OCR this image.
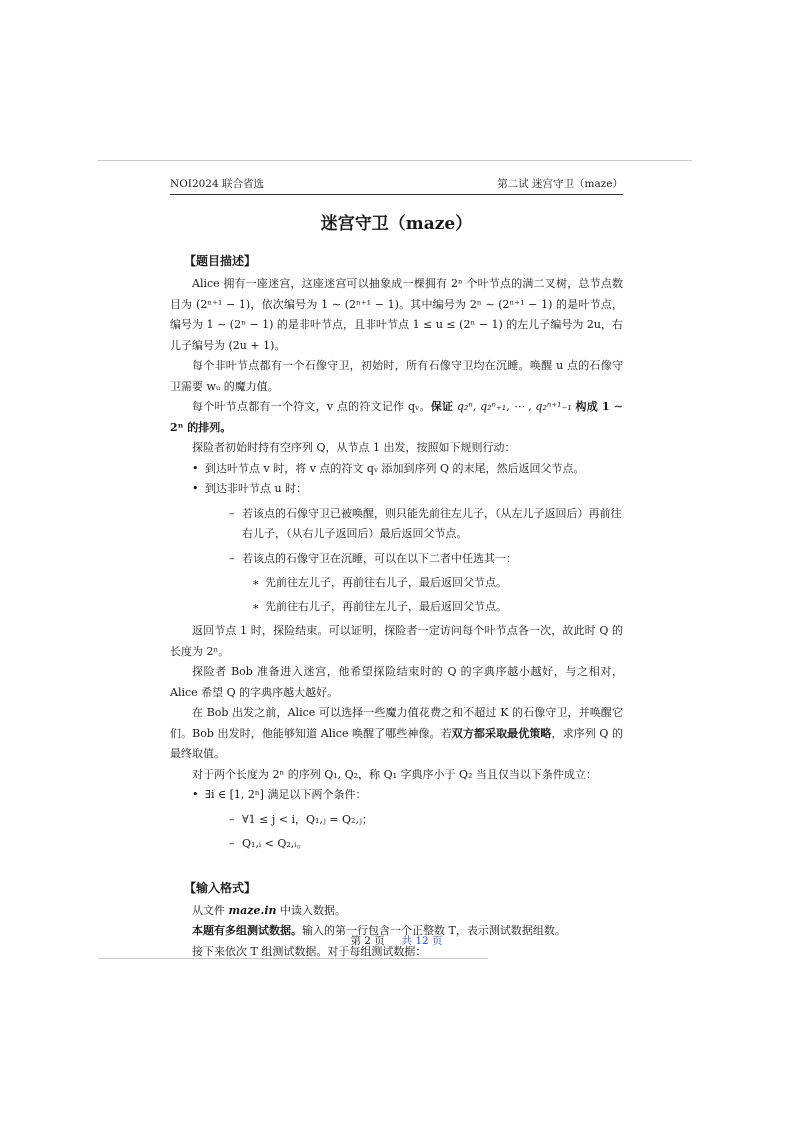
NOI2024 联合省选	第二试 迷宫守卫（maze）
迷宫守卫（maze）
【题目描述】

Alice 拥有一座迷宫，这座迷宫可以抽象成一棵拥有 2ⁿ 个叶节点的满二叉树，总节点数目为 (2ⁿ⁺¹ − 1)，依次编号为 1 ∼ (2ⁿ⁺¹ − 1)。其中编号为 2ⁿ ∼ (2ⁿ⁺¹ − 1) 的是叶节点，编号为 1 ∼ (2ⁿ − 1) 的是非叶节点，且非叶节点 1 ≤ u ≤ (2ⁿ − 1) 的左儿子编号为 2u，右儿子编号为 (2u + 1)。

每个非叶节点都有一个石像守卫，初始时，所有石像守卫均在沉睡。唤醒 u 点的石像守卫需要 wᵤ 的魔力值。

每个叶节点都有一个符文，v 点的符文记作 qᵥ。保证 q₂ⁿ, q₂ⁿ₊₁, ⋯ , q₂ⁿ⁺¹₋₁ 构成 1 ∼ 2ⁿ 的排列。

探险者初始时持有空序列 Q，从节点 1 出发，按照如下规则行动：

• 到达叶节点 v 时，将 v 点的符文 qᵥ 添加到序列 Q 的末尾，然后返回父节点。
• 到达非叶节点 u 时：
– 若该点的石像守卫已被唤醒，则只能先前往左儿子，（从左儿子返回后）再前往右儿子，（从右儿子返回后）最后返回父节点。
– 若该点的石像守卫在沉睡，可以在以下二者中任选其一：
∗ 先前往左儿子，再前往右儿子，最后返回父节点。
∗ 先前往右儿子，再前往左儿子，最后返回父节点。

返回节点 1 时，探险结束。可以证明，探险者一定访问每个叶节点各一次，故此时 Q 的长度为 2ⁿ。

探险者 Bob 准备进入迷宫，他希望探险结束时的 Q 的字典序越小越好，与之相对，Alice 希望 Q 的字典序越大越好。

在 Bob 出发之前，Alice 可以选择一些魔力值花费之和不超过 K 的石像守卫，并唤醒它们。Bob 出发时，他能够知道 Alice 唤醒了哪些神像。若双方都采取最优策略，求序列 Q 的最终取值。

对于两个长度为 2ⁿ 的序列 Q₁, Q₂，称 Q₁ 字典序小于 Q₂ 当且仅当以下条件成立：

• ∃i ∈ [1, 2ⁿ] 满足以下两个条件：
– ∀1 ≤ j < i，Q₁,ⱼ = Q₂,ⱼ；
– Q₁,ᵢ < Q₂,ᵢ。
【输入格式】

从文件 maze.in 中读入数据。

本题有多组测试数据。输入的第一行包含一个正整数 T，表示测试数据组数。

接下来依次 T 组测试数据。对于每组测试数据：

第 2 页 共 12 页
